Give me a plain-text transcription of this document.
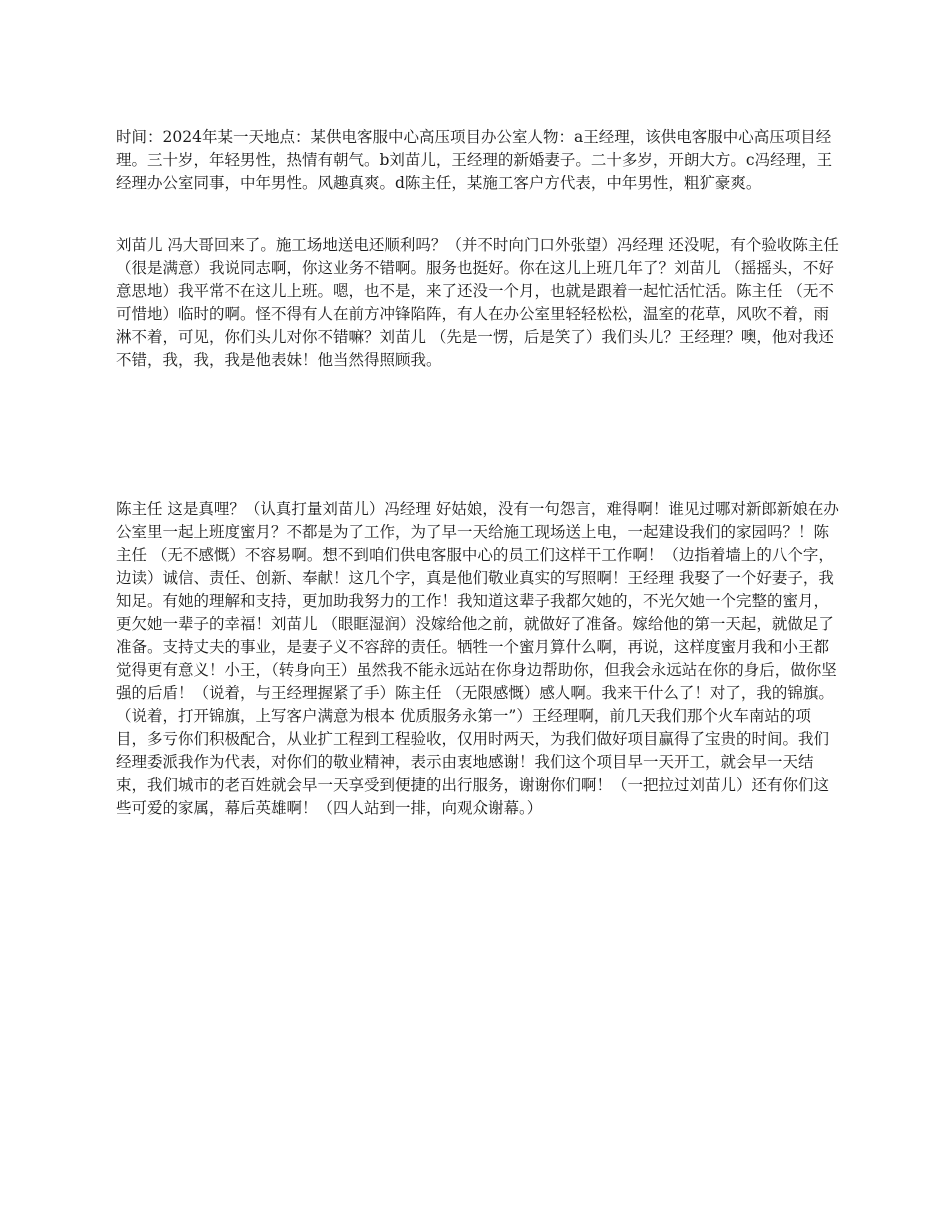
时间：2024年某一天地点：某供电客服中心高压项目办公室人物：a王经理，该供电客服中心高压项目经理。三十岁，年轻男性，热情有朝气。b刘苗儿，王经理的新婚妻子。二十多岁，开朗大方。c冯经理，王经理办公室同事，中年男性。风趣真爽。d陈主任，某施工客户方代表，中年男性，粗犷豪爽。

刘苗儿 冯大哥回来了。施工场地送电还顺利吗？（并不时向门口外张望）冯经理 还没呢，有个验收陈主任 （很是满意）我说同志啊，你这业务不错啊。服务也挺好。你在这儿上班几年了？刘苗儿 （摇摇头，不好意思地）我平常不在这儿上班。嗯，也不是，来了还没一个月，也就是跟着一起忙活忙活。陈主任 （无不可惜地）临时的啊。怪不得有人在前方冲锋陷阵，有人在办公室里轻轻松松，温室的花草，风吹不着，雨淋不着，可见，你们头儿对你不错嘛？刘苗儿 （先是一愣，后是笑了）我们头儿？王经理？噢，他对我还不错，我，我，我是他表妹！他当然得照顾我。

陈主任 这是真哩？（认真打量刘苗儿）冯经理 好姑娘，没有一句怨言，难得啊！谁见过哪对新郎新娘在办公室里一起上班度蜜月？不都是为了工作，为了早一天给施工现场送上电，一起建设我们的家园吗？！陈主任 （无不感慨）不容易啊。想不到咱们供电客服中心的员工们这样干工作啊！（边指着墙上的八个字，边读）诚信、责任、创新、奉献！这几个字，真是他们敬业真实的写照啊！王经理 我娶了一个好妻子，我知足。有她的理解和支持，更加助我努力的工作！我知道这辈子我都欠她的，不光欠她一个完整的蜜月，更欠她一辈子的幸福！刘苗儿 （眼眶湿润）没嫁给他之前，就做好了准备。嫁给他的第一天起，就做足了准备。支持丈夫的事业，是妻子义不容辞的责任。牺牲一个蜜月算什么啊，再说，这样度蜜月我和小王都觉得更有意义！小王，（转身向王）虽然我不能永远站在你身边帮助你，但我会永远站在你的身后，做你坚强的后盾！（说着，与王经理握紧了手）陈主任 （无限感慨）感人啊。我来干什么了！对了，我的锦旗。（说着，打开锦旗，上写客户满意为根本 优质服务永第一”）王经理啊，前几天我们那个火车南站的项目，多亏你们积极配合，从业扩工程到工程验收，仅用时两天，为我们做好项目赢得了宝贵的时间。我们经理委派我作为代表，对你们的敬业精神，表示由衷地感谢！我们这个项目早一天开工，就会早一天结束，我们城市的老百姓就会早一天享受到便捷的出行服务，谢谢你们啊！（一把拉过刘苗儿）还有你们这些可爱的家属，幕后英雄啊！（四人站到一排，向观众谢幕。）
